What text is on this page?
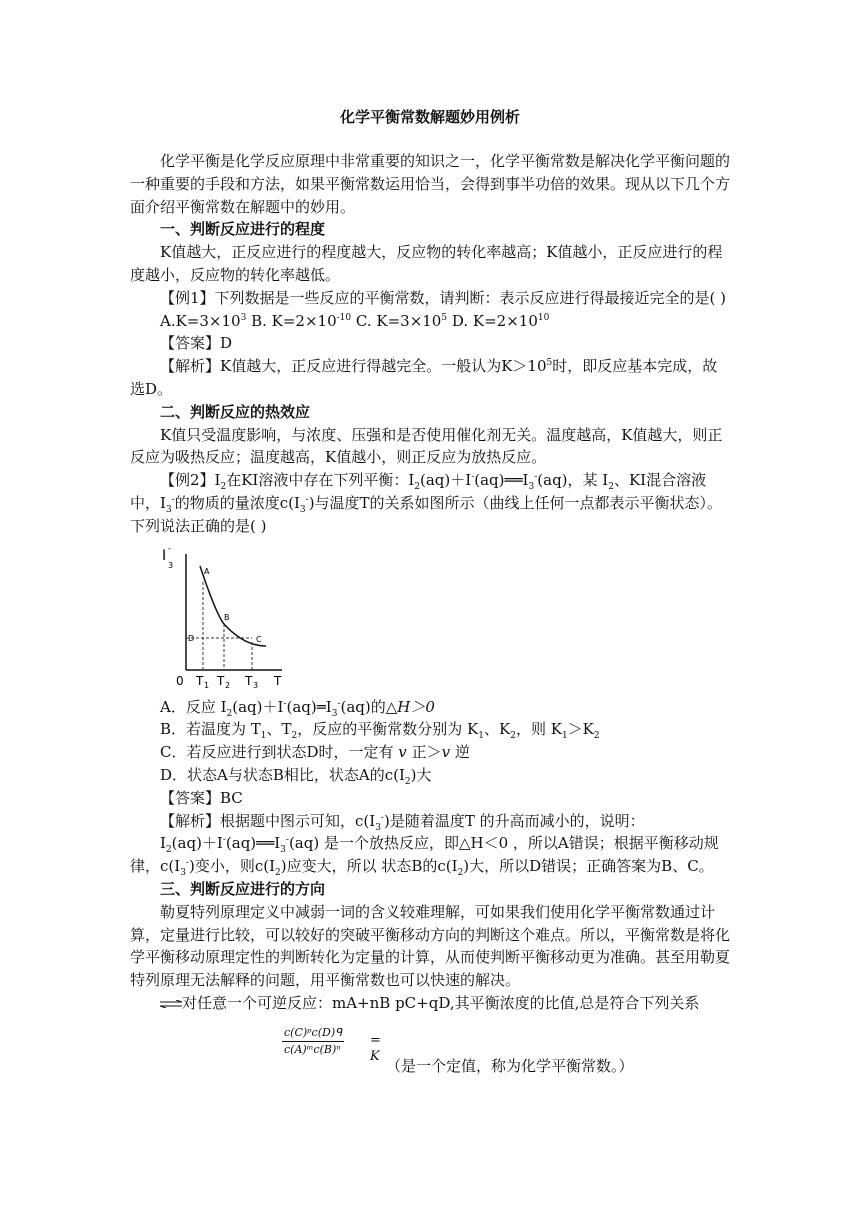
化学平衡常数解题妙用例析

化学平衡是化学反应原理中非常重要的知识之一，化学平衡常数是解决化学平衡问题的一种重要的手段和方法，如果平衡常数运用恰当，会得到事半功倍的效果。现从以下几个方面介绍平衡常数在解题中的妙用。

一、判断反应进行的程度

K值越大，正反应进行的程度越大，反应物的转化率越高；K值越小，正反应进行的程度越小，反应物的转化率越低。

【例1】下列数据是一些反应的平衡常数，请判断：表示反应进行得最接近完全的是( )

$A.K=3\times 10^3$ B. $K=2\times 10^{-10}$ C. $K=3\times 10^5$ D. $K=2\times 10^{10}$

【答案】D

【解析】K值越大，正反应进行得越完全。一般认为$K>10^5$时，即反应基本完成，故选D。

二、判断反应的热效应

K值只受温度影响，与浓度、压强和是否使用催化剂无关。温度越高，K值越大，则正反应为吸热反应；温度越高，K值越小，则正反应为放热反应。

【例2】$I_2$在KI溶液中存在下列平衡：$I_2(aq)+I^-(aq)══I_3^-(aq)$，某 $I_2$、KI混合溶液中，$I_3^-$的物质的量浓度$c(I_3^-)$与温度T的关系如图所示（曲线上任何一点都表示平衡状态）。下列说法正确的是( )

I
3
-
0 T 1 T 2 T 3 T
A
B
C
D

A．反应 $I_2(aq)+I^-(aq)═I_3^-(aq)$的△H＞0

B．若温度为 $T_1$、$T_2$，反应的平衡常数分别为 $K_1$、$K_2$，则 $K_1>K_2$

C．若反应进行到状态D时，一定有 v 正＞v 逆

D．状态A与状态B相比，状态A的$c(I_2)$大

【答案】BC

【解析】根据题中图示可知，$c(I_3^-)$是随着温度T 的升高而减小的，说明：

$I_2(aq)+I^-(aq)══I_3^-(aq)$ 是一个放热反应，即△H＜0 ，所以A错误；根据平衡移动规律，$c(I_3^-)$变小，则$c(I_2)$应变大，所以 状态B的$c(I_2)$大，所以D错误；正确答案为B、C。

三、判断反应进行的方向

勒夏特列原理定义中减弱一词的含义较难理解，可如果我们使用化学平衡常数通过计算，定量进行比较，可以较好的突破平衡移动方向的判断这个难点。所以，平衡常数是将化学平衡移动原理定性的判断转化为定量的计算，从而使判断平衡移动更为准确。甚至用勒夏特列原理无法解释的问题，用平衡常数也可以快速的解决。

⇌对任意一个可逆反应：mA+nB pC+qD,其平衡浓度的比值,总是符合下列关系

c(C)ᵖc(D)ᑫ

c(A)ᵐc(B)ⁿ
= K
（是一个定值，称为化学平衡常数。）
